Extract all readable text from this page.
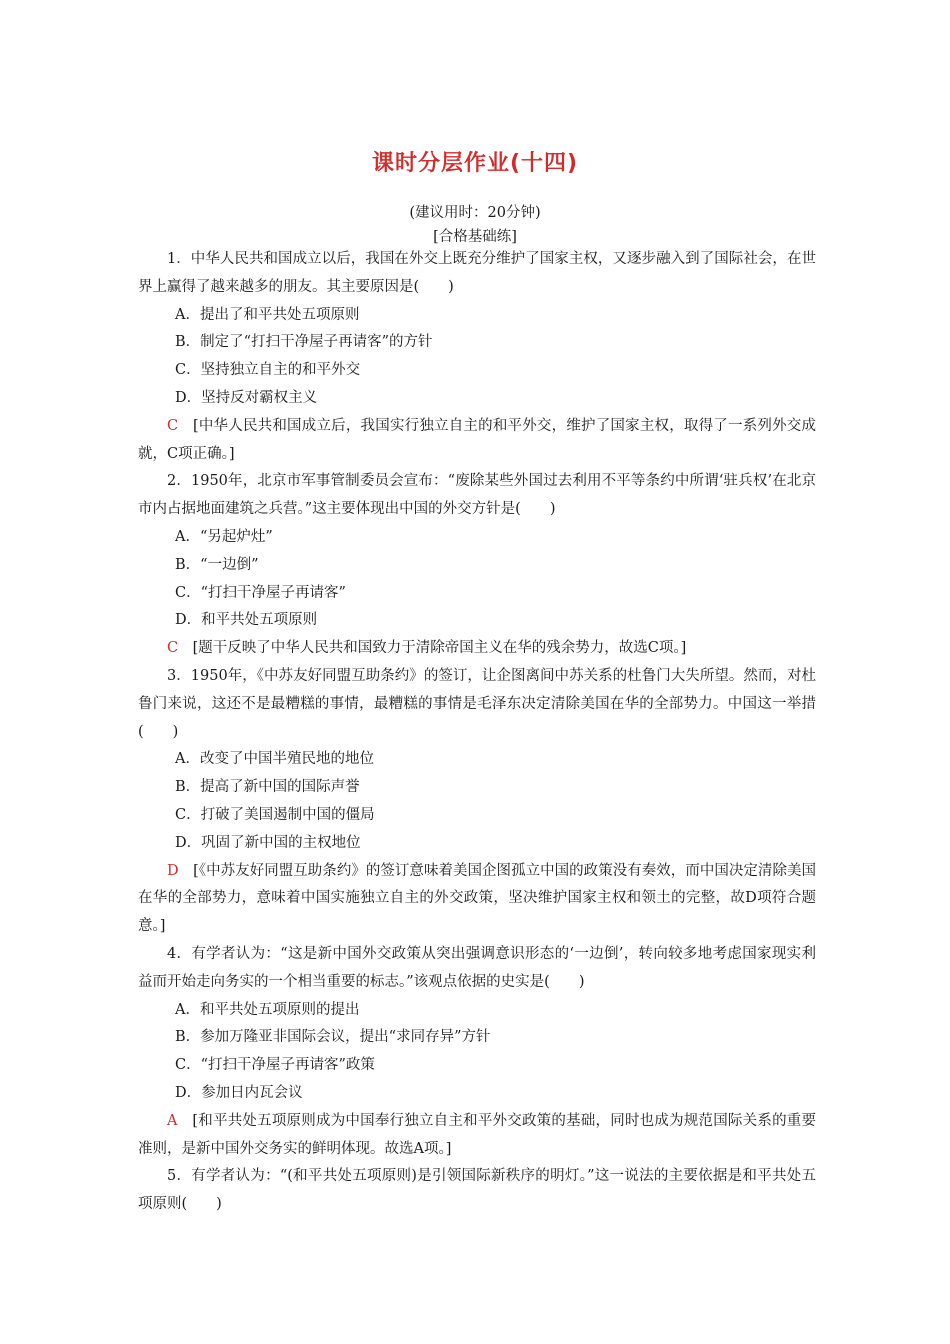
课时分层作业(十四)
(建议用时：20分钟)
[合格基础练]

1．中华人民共和国成立以后，我国在外交上既充分维护了国家主权，又逐步融入到了国际社会，在世界上赢得了越来越多的朋友。其主要原因是(　　)

A．提出了和平共处五项原则

B．制定了“打扫干净屋子再请客”的方针

C．坚持独立自主的和平外交

D．坚持反对霸权主义

C　[中华人民共和国成立后，我国实行独立自主的和平外交，维护了国家主权，取得了一系列外交成就，C项正确。]

2．1950年，北京市军事管制委员会宣布：“废除某些外国过去利用不平等条约中所谓‘驻兵权’在北京市内占据地面建筑之兵营。”这主要体现出中国的外交方针是(　　)

A．“另起炉灶”

B．“一边倒”

C．“打扫干净屋子再请客”

D．和平共处五项原则

C　[题干反映了中华人民共和国致力于清除帝国主义在华的残余势力，故选C项。]

3．1950年，《中苏友好同盟互助条约》的签订，让企图离间中苏关系的杜鲁门大失所望。然而，对杜鲁门来说，这还不是最糟糕的事情，最糟糕的事情是毛泽东决定清除美国在华的全部势力。中国这一举措(　　)

A．改变了中国半殖民地的地位

B．提高了新中国的国际声誉

C．打破了美国遏制中国的僵局

D．巩固了新中国的主权地位

D　[《中苏友好同盟互助条约》的签订意味着美国企图孤立中国的政策没有奏效，而中国决定清除美国在华的全部势力，意味着中国实施独立自主的外交政策，坚决维护国家主权和领土的完整，故D项符合题意。]

4．有学者认为：“这是新中国外交政策从突出强调意识形态的‘一边倒’，转向较多地考虑国家现实利益而开始走向务实的一个相当重要的标志。”该观点依据的史实是(　　)

A．和平共处五项原则的提出

B．参加万隆亚非国际会议，提出“求同存异”方针

C．“打扫干净屋子再请客”政策

D．参加日内瓦会议

A　[和平共处五项原则成为中国奉行独立自主和平外交政策的基础，同时也成为规范国际关系的重要准则，是新中国外交务实的鲜明体现。故选A项。]

5．有学者认为：“(和平共处五项原则)是引领国际新秩序的明灯。”这一说法的主要依据是和平共处五项原则(　　)
